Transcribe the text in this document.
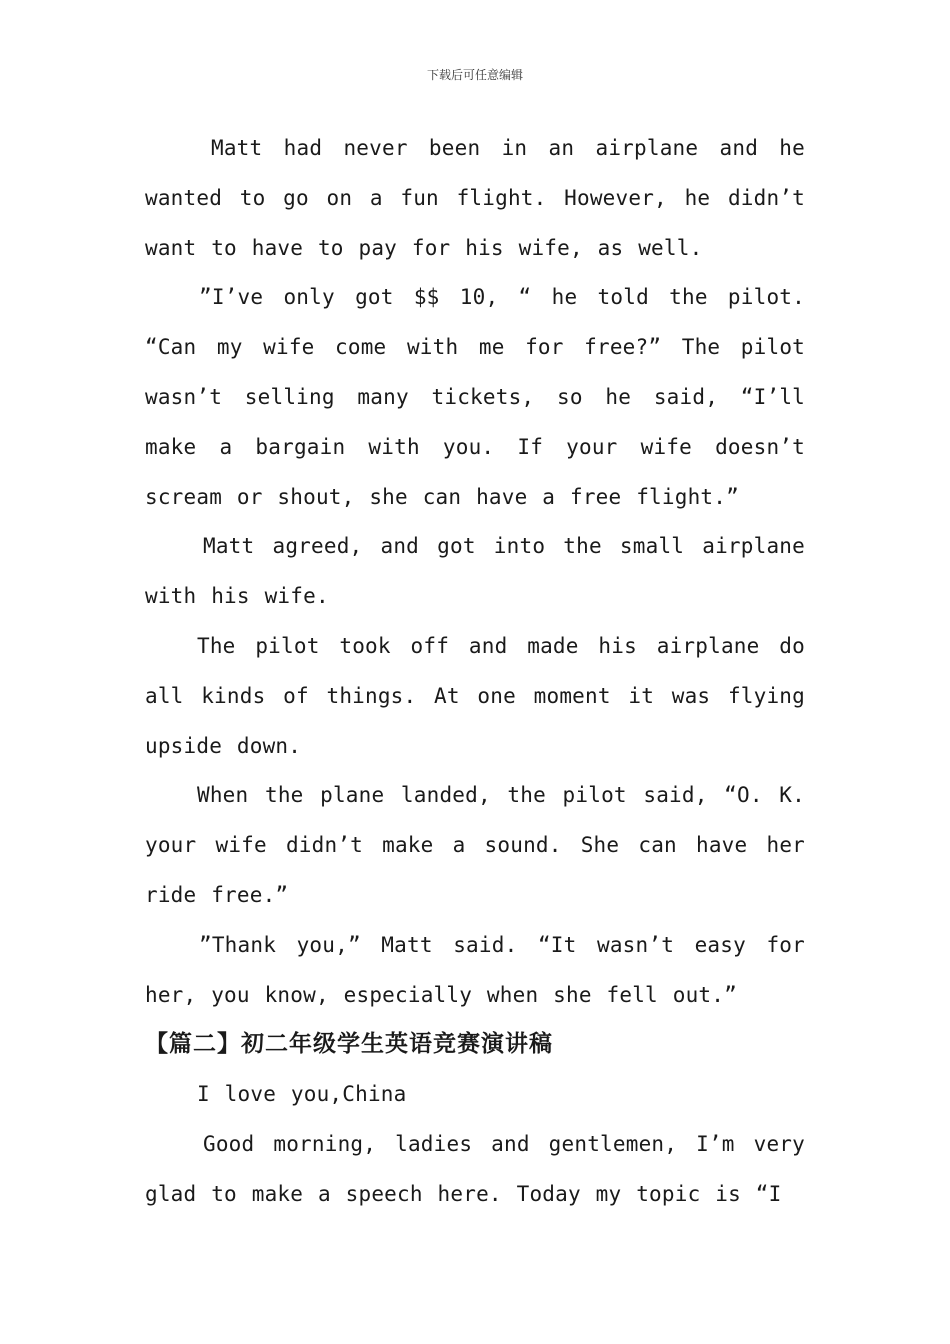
下载后可任意编辑

Matt had never been in an airplane and he wanted to go on a fun flight. However, he didn’t want to have to pay for his wife, as well.

”I’ve only got $$ 10, “ he told the pilot. “Can my wife come with me for free?” The pilot wasn’t selling many tickets, so he said, “I’ll make a bargain with you. If your wife doesn’t scream or shout, she can have a free flight.”

Matt agreed, and got into the small airplane with his wife.

The pilot took off and made his airplane do all kinds of things. At one moment it was flying upside down.

When the plane landed, the pilot said, “O. K. your wife didn’t make a sound. She can have her ride free.”

”Thank you,” Matt said. “It wasn’t easy for her, you know, especially when she fell out.”

【篇二】初二年级学生英语竞赛演讲稿

I love you,China

Good morning, ladies and gentlemen, I’m very glad to make a speech here. Today my topic is “I
